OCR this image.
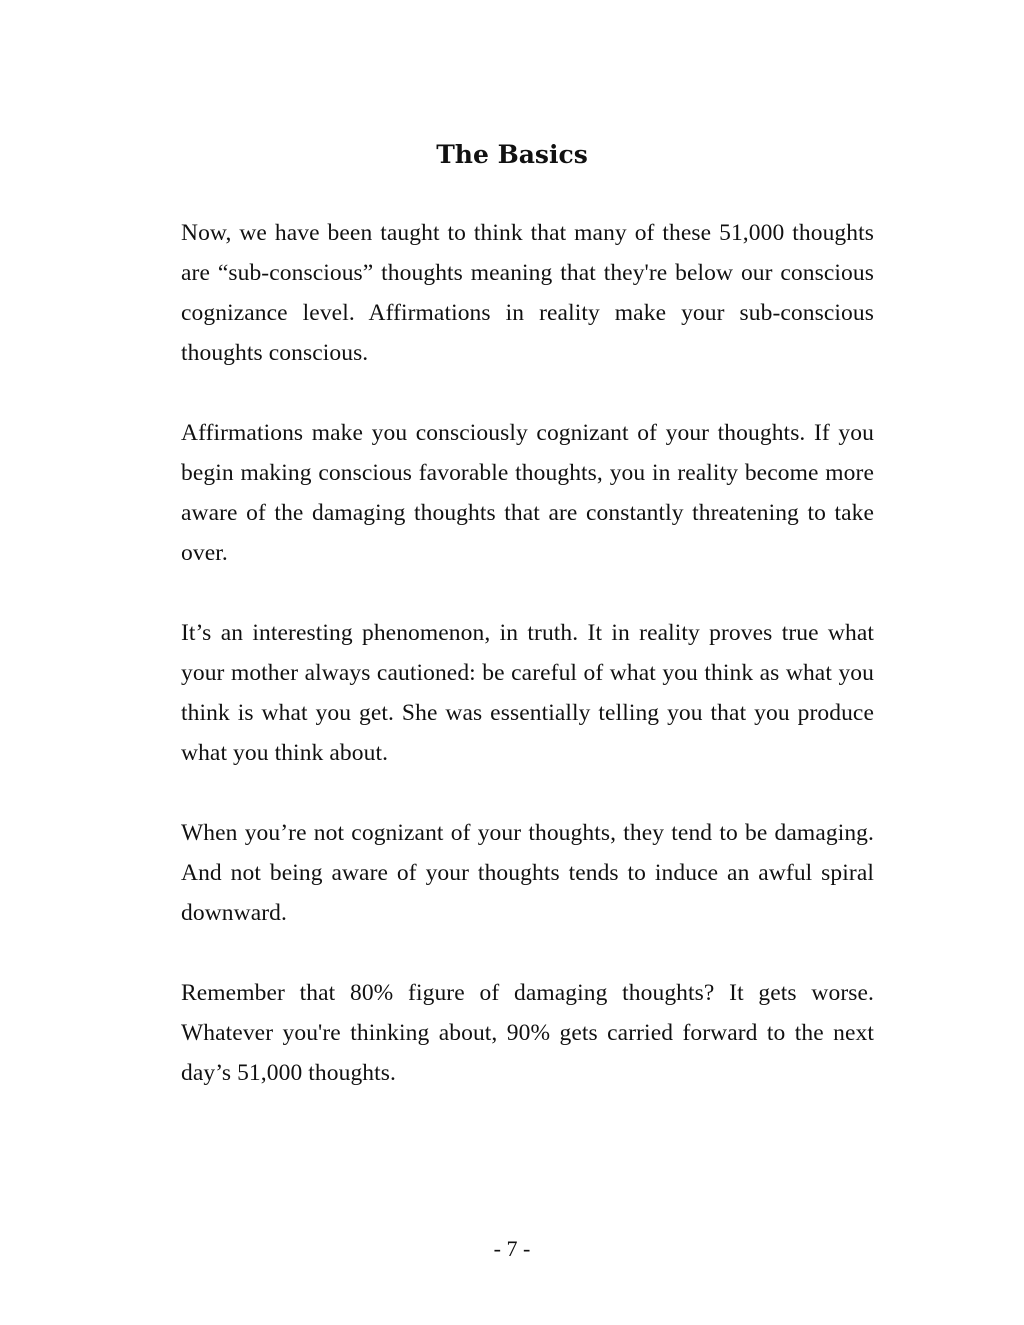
The Basics

Now, we have been taught to think that many of these 51,000 thoughts are “sub-conscious” thoughts meaning that they're below our conscious cognizance level. Affirmations in reality make your sub-conscious thoughts conscious.

Affirmations make you consciously cognizant of your thoughts. If you begin making conscious favorable thoughts, you in reality become more aware of the damaging thoughts that are constantly threatening to take over.

It’s an interesting phenomenon, in truth. It in reality proves true what your mother always cautioned: be careful of what you think as what you think is what you get. She was essentially telling you that you produce what you think about.

When you’re not cognizant of your thoughts, they tend to be damaging. And not being aware of your thoughts tends to induce an awful spiral downward.

Remember that 80% figure of damaging thoughts? It gets worse. Whatever you're thinking about, 90% gets carried forward to the next day’s 51,000 thoughts.

- 7 -
